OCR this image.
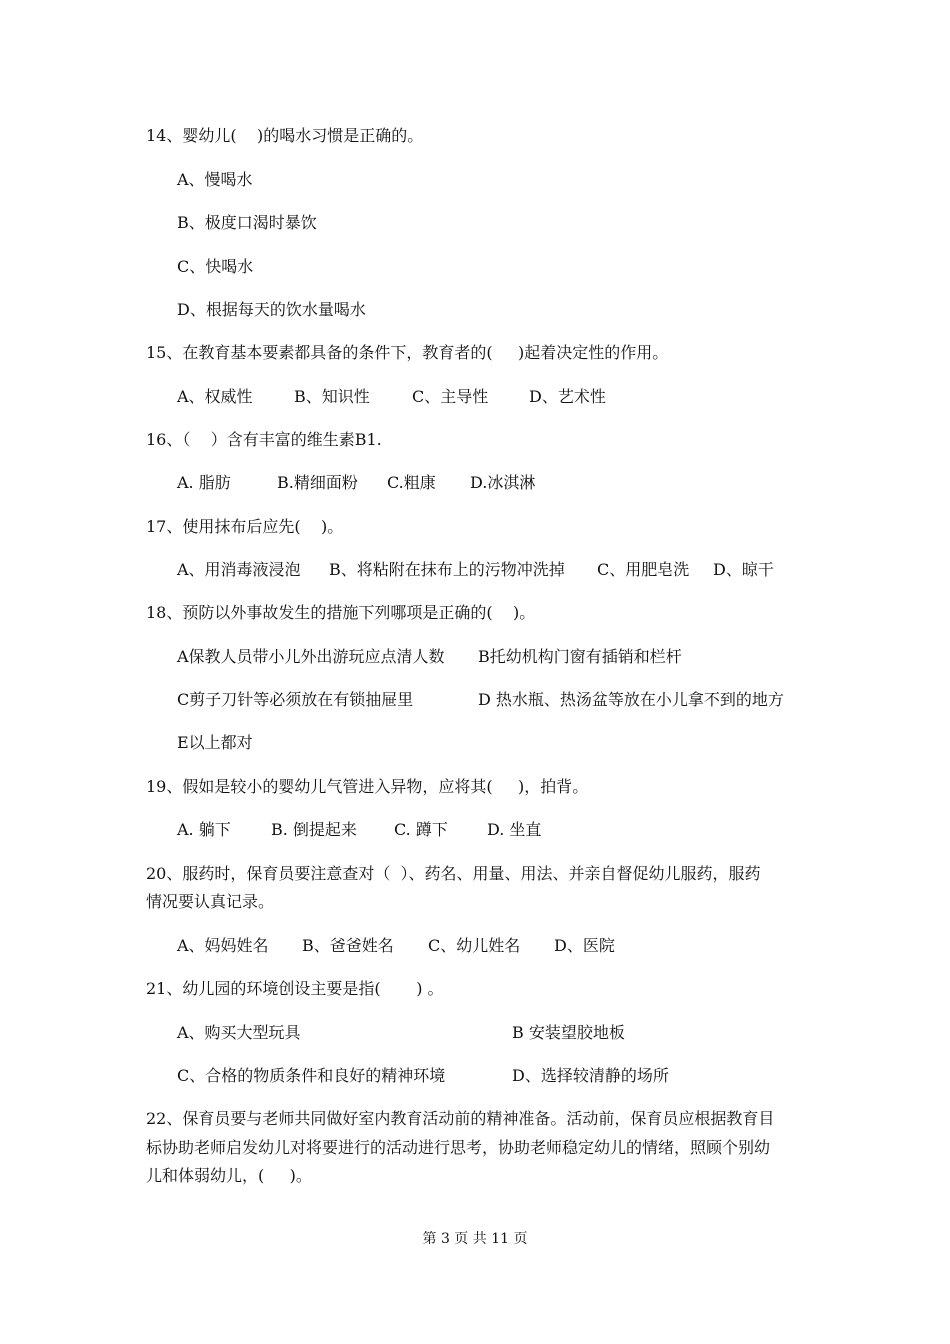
14、婴幼儿(    )的喝水习惯是正确的。
A、慢喝水
B、极度口渴时暴饮
C、快喝水
D、根据每天的饮水量喝水
15、在教育基本要素都具备的条件下，教育者的(     )起着决定性的作用。
A、权威性	B、知识性	C、主导性	D、艺术性
16、（    ）含有丰富的维生素B1.
A. 脂肪	B.精细面粉 C.粗康 D.冰淇淋
17、使用抹布后应先(    )。
A、用消毒液浸泡 B、将粘附在抹布上的污物冲洗掉 C、用肥皂洗 D、晾干
18、预防以外事故发生的措施下列哪项是正确的(    )。
A保教人员带小儿外出游玩应点清人数 B托幼机构门窗有插销和栏杆
C剪子刀针等必须放在有锁抽屉里	D 热水瓶、热汤盆等放在小儿拿不到的地方
E以上都对
19、假如是较小的婴幼儿气管进入异物，应将其(     )，拍背。
A. 躺下	B. 倒提起来 C. 蹲下 D. 坐直
20、服药时，保育员要注意查对（  ）、药名、用量、用法、并亲自督促幼儿服药，服药
情况要认真记录。
A、妈妈姓名 B、爸爸姓名 C、幼儿姓名 D、医院
21、幼儿园的环境创设主要是指(       ) 。
A、购买大型玩具	B 安装望胶地板
C、合格的物质条件和良好的精神环境	D、选择较清静的场所
22、保育员要与老师共同做好室内教育活动前的精神准备。活动前，保育员应根据教育目
标协助老师启发幼儿对将要进行的活动进行思考，协助老师稳定幼儿的情绪，照顾个别幼
儿和体弱幼儿，(     )。
第 3 页 共 11 页
